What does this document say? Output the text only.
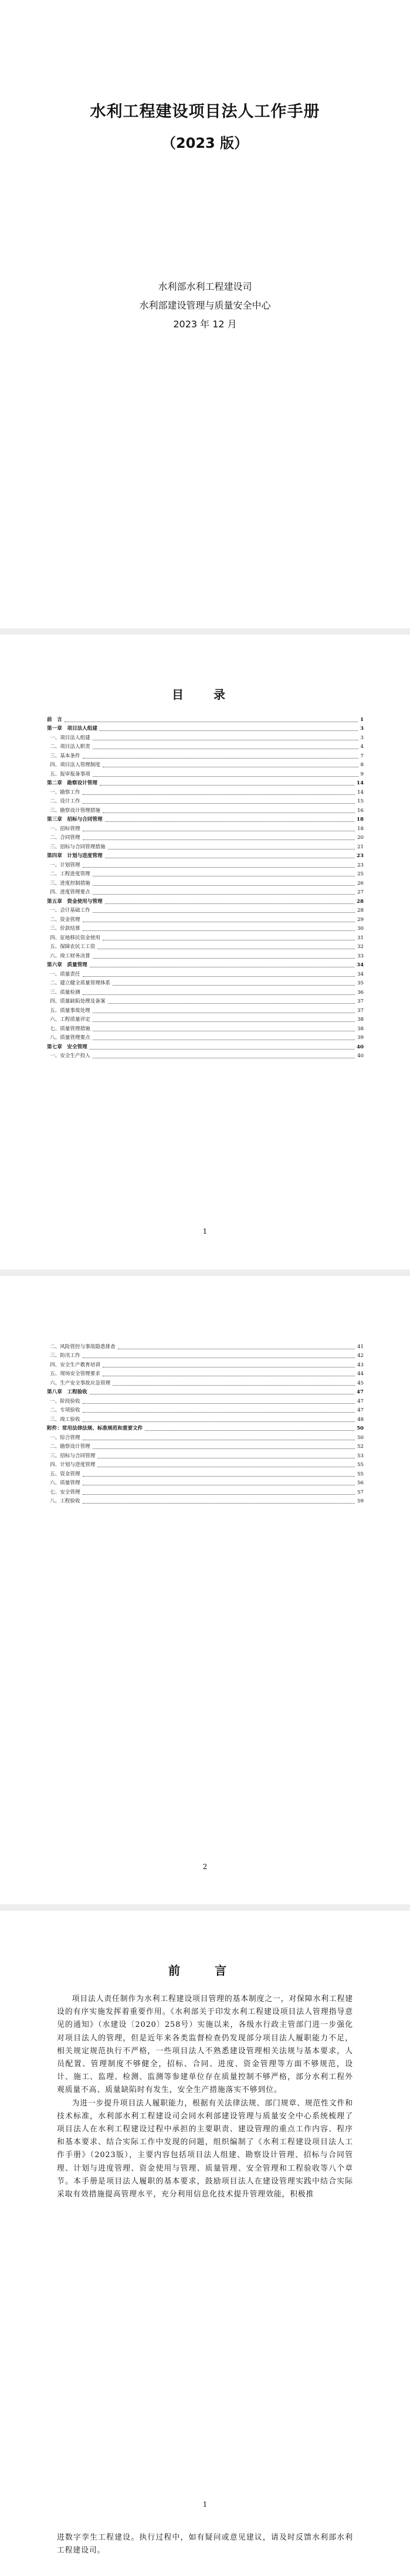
水利工程建设项目法人工作手册
（2023 版）
水利部水利工程建设司
水利部建设管理与质量安全中心
2023 年 12 月
目 录
前　言	1
第一章　项目法人组建	3
一、项目法人组建	3
二、项目法人职责	4
三、基本条件	7
四、项目法人管理制度	8
五、报审报备事项	9
第二章　勘察设计管理	14
一、勘察工作	14
二、设计工作	15
三、勘察设计管理措施	16
第三章　招标与合同管理	18
一、招标管理	18
二、合同管理	20
三、招标与合同管理措施	21
第四章　计划与进度管理	23
一、计划管理	23
二、工程进度管理	25
三、进度控制措施	26
四、进度管理要点	27
第五章　资金使用与管理	28
一、会计基础工作	28
二、资金管理	29
三、价款结算	30
四、征地移民资金使用	31
五、保障农民工工资	32
六、竣工财务决算	33
第六章　质量管理	34
一、质量责任	34
二、建立健全质量管理体系	35
三、质量检测	36
四、质量缺陷处理及备案	37
五、质量事故处理	37
六、工程质量评定	38
七、质量管理措施	38
八、质量管理要点	39
第七章　安全管理	40
一、安全生产投入	40
1
二、风险管控与事故隐患排查	41
三、防汛工作	42
四、安全生产教育培训	43
五、现场安全管理要求	44
六、生产安全事故应急管理	45
第八章　工程验收	47
一、阶段验收	47
二、专项验收	47
三、竣工验收	48
附件：常用法律法规、标准规范和重要文件	50
一、综合管理	50
二、勘察设计管理	52
三、招标与合同管理	53
四、计划与进度管理	55
五、资金管理	55
六、质量管理	56
七、安全管理	57
八、工程验收	59
2
前 言

项目法人责任制作为水利工程建设项目管理的基本制度之一，对保障水利工程建设的有序实施发挥着重要作用。《水利部关于印发水利工程建设项目法人管理指导意见的通知》（水建设〔2020〕258号）实施以来，各级水行政主管部门进一步强化对项目法人的管理，但是近年来各类监督检查仍发现部分项目法人履职能力不足，相关规定规范执行不严格，一些项目法人不熟悉建设管理相关法规与基本要求，人员配置、管理制度不够健全，招标、合同、进度、资金管理等方面不够规范，设计、施工、监理、检测、监测等参建单位存在质量控制不够严格，部分水利工程外观质量不高、质量缺陷时有发生，安全生产措施落实不够到位。

为进一步提升项目法人履职能力，根据有关法律法规、部门规章、规范性文件和技术标准，水利部水利工程建设司会同水利部建设管理与质量安全中心系统梳理了项目法人在水利工程建设过程中承担的主要职责、建设管理的重点工作内容、程序和基本要求、结合实际工作中发现的问题，组织编制了《水利工程建设项目法人工作手册》（2023版），主要内容包括项目法人组建、勘察设计管理、招标与合同管理、计划与进度管理、资金使用与管理、质量管理、安全管理和工程验收等八个章节。本手册是项目法人履职的基本要求，鼓励项目法人在建设管理实践中结合实际采取有效措施提高管理水平，充分利用信息化技术提升管理效能，积极推

1

进数字孪生工程建设。执行过程中，如有疑问或意见建议，请及时反馈水利部水利工程建设司。
